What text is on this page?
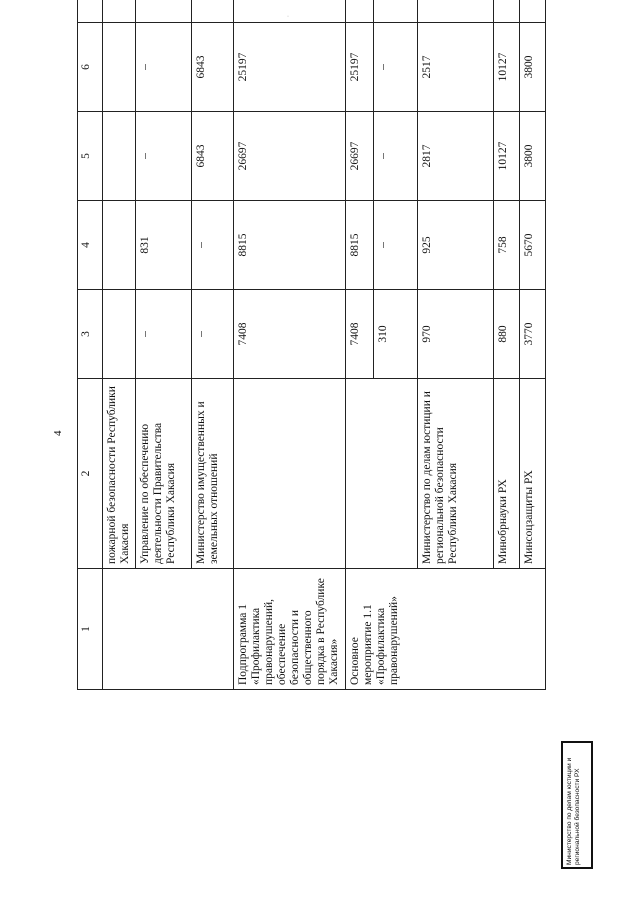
·
4
1	2	3	4	5	6	
	пожарной безопасности Республики Хакасия					
	Управление по обеспечению деятельности Правительства Республики Хакасия	–	831	–	–	
	Министерство имущественных и земельных отношений	–	–	6843	6843	
Подпрограмма 1 «Профилактика правонарушений, обеспечение безопасности и общественного порядка в Республике Хакасия»		7408	8815	26697	25197	
Основное мероприятие 1.1 «Профилактика правонарушений»		7408	8815	26697	25197	
		310	–	–	–	
	Министерство по делам юстиции и региональной безопасности Республики Хакасия	970	925	2817	2517	
	Минобрнауки РХ	880	758	10127	10127	
	Минсоцзащиты РХ	3770	5670	3800	3800	
Министерство по делам юстиции и региональной безопасности РХ
